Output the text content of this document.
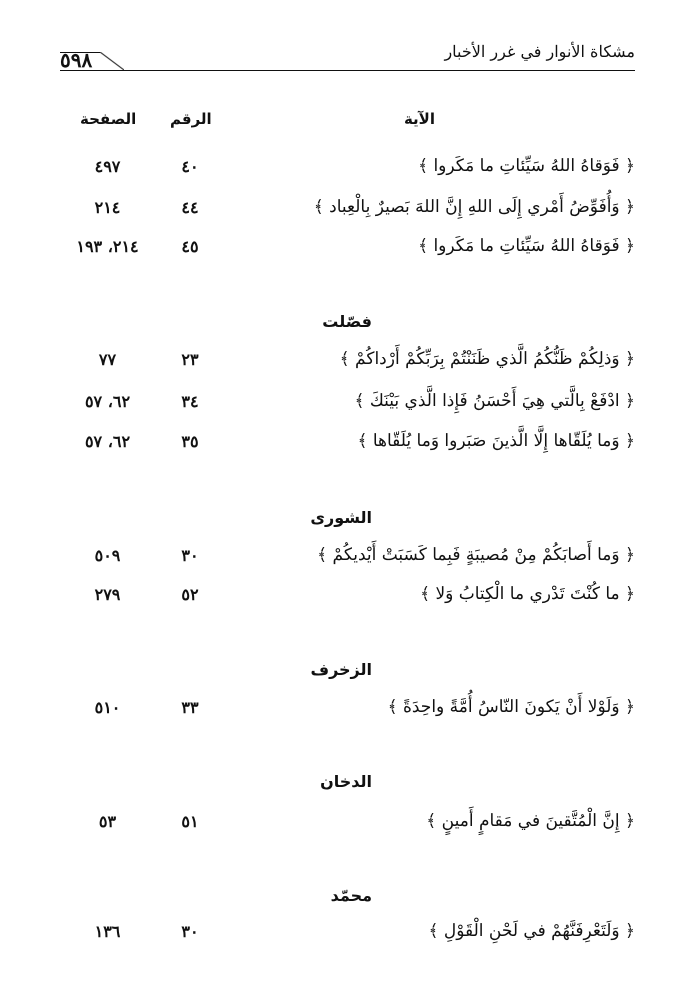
٥٩٨	مشكاة الأنوار في غرر الأخبار
الآية
الرقم
الصفحة
﴿ فَوَقاهُ اللهُ سَيِّئاتِ ما مَكَروا ﴾
٤٠
٤٩٧
﴿ وَأُفَوِّضُ أَمْري إِلَى اللهِ إِنَّ اللهَ بَصيرٌ بِالْعِباد ﴾
٤٤
٢١٤
﴿ فَوَقاهُ اللهُ سَيِّئاتِ ما مَكَروا ﴾
٤٥
٢١٤، ١٩٣
فصّلت
﴿ وَذلِكُمْ ظَنُّكُمُ الَّذي ظَنَنْتُمْ بِرَبِّكُمْ أَرْداكُمْ ﴾
٢٣
٧٧
﴿ ادْفَعْ بِالَّتي هِيَ أَحْسَنُ فَإِذا الَّذي بَيْنَكَ ﴾
٣٤
٦٢، ٥٧
﴿ وَما يُلَقّاها إِلَّا الَّذينَ صَبَروا وَما يُلَقّاها ﴾
٣٥
٦٢، ٥٧
الشورى
﴿ وَما أَصابَكُمْ مِنْ مُصيبَةٍ فَبِما كَسَبَتْ أَيْديكُمْ ﴾
٣٠
٥٠٩
﴿ ما كُنْتَ تَدْري ما الْكِتابُ وَلا ﴾
٥٢
٢٧٩
الزخرف
﴿ وَلَوْلا أَنْ يَكونَ النّاسُ أُمَّةً واحِدَةً ﴾
٣٣
٥١٠
الدخان
﴿ إِنَّ الْمُتَّقينَ في مَقامٍ أَمينٍ ﴾
٥١
٥٣
محمّد
﴿ وَلَتَعْرِفَنَّهُمْ في لَحْنِ الْقَوْلِ ﴾
٣٠
١٣٦
